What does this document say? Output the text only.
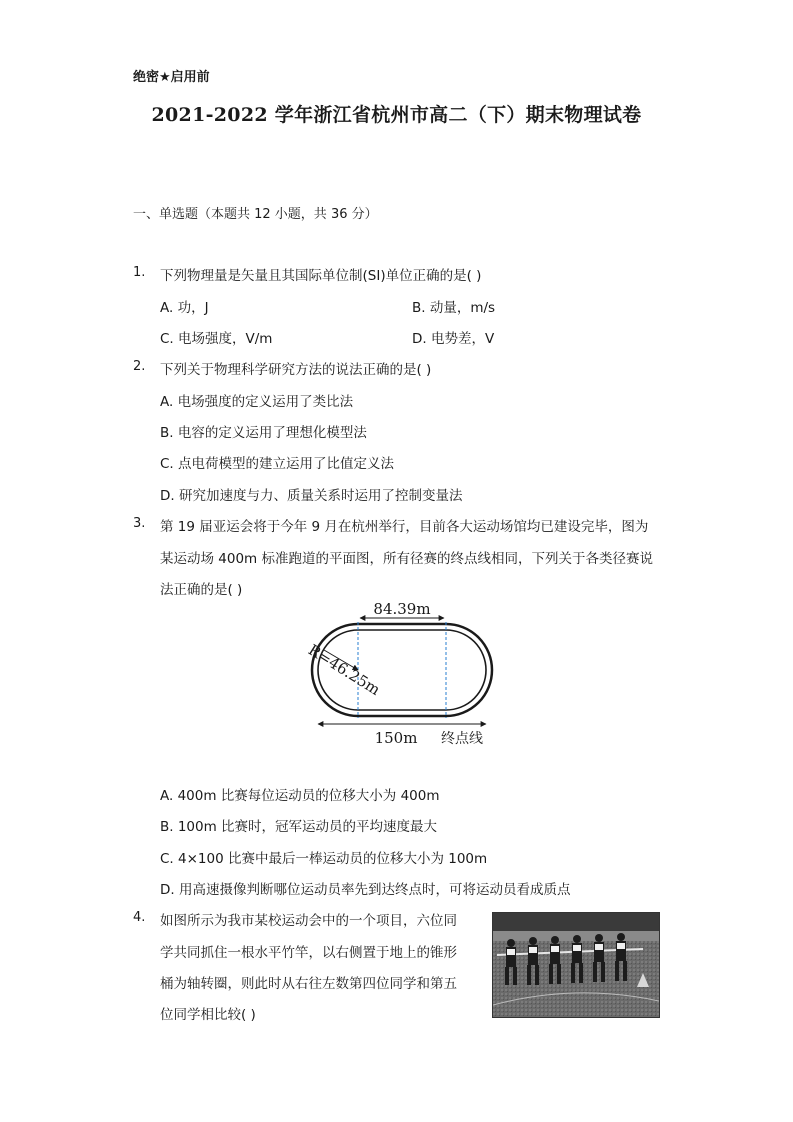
绝密★启用前
2021-2022 学年浙江省杭州市高二（下）期末物理试卷
一、单选题（本题共 12 小题，共 36 分）
1. 下列物理量是矢量且其国际单位制(SI)单位正确的是( )
A. 功，J	B. 动量，m/s
C. 电场强度，V/m	D. 电势差，V
2. 下列关于物理科学研究方法的说法正确的是( )
A. 电场强度的定义运用了类比法
B. 电容的定义运用了理想化模型法
C. 点电荷模型的建立运用了比值定义法
D. 研究加速度与力、质量关系时运用了控制变量法
3. 第 19 届亚运会将于今年 9 月在杭州举行，目前各大运动场馆均已建设完毕，图为
某运动场 400m 标准跑道的平面图，所有径赛的终点线相同，下列关于各类径赛说
法正确的是( )
84.39m
R=46.25m
150m 终点线
A. 400m 比赛每位运动员的位移大小为 400m
B. 100m 比赛时，冠军运动员的平均速度最大
C. 4×100 比赛中最后一棒运动员的位移大小为 100m
D. 用高速摄像判断哪位运动员率先到达终点时，可将运动员看成质点
4. 如图所示为我市某校运动会中的一个项目，六位同
学共同抓住一根水平竹竿，以右侧置于地上的锥形
桶为轴转圈，则此时从右往左数第四位同学和第五
位同学相比较( )
